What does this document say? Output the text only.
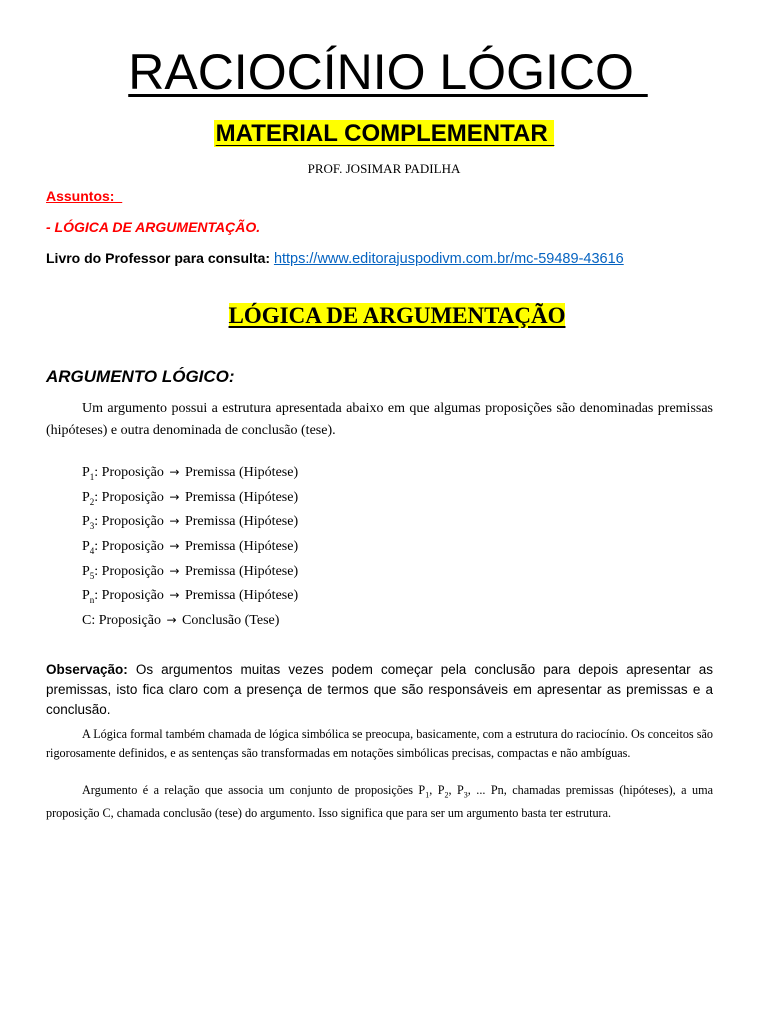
RACIOCÍNIO LÓGICO
MATERIAL COMPLEMENTAR
PROF. JOSIMAR PADILHA
Assuntos:
- LÓGICA DE ARGUMENTAÇÃO.
Livro do Professor para consulta: https://www.editorajuspodivm.com.br/mc-59489-43616
LÓGICA DE ARGUMENTAÇÃO
ARGUMENTO LÓGICO:

Um argumento possui a estrutura apresentada abaixo em que algumas proposições são denominadas premissas (hipóteses) e outra denominada de conclusão (tese).

$P_1$: Proposição → Premissa (Hipótese)
$P_2$: Proposição → Premissa (Hipótese)
$P_3$: Proposição → Premissa (Hipótese)
$P_4$: Proposição → Premissa (Hipótese)
$P_5$: Proposição → Premissa (Hipótese)
$P_n$: Proposição → Premissa (Hipótese)
C: Proposição → Conclusão (Tese)

Observação: Os argumentos muitas vezes podem começar pela conclusão para depois apresentar as premissas, isto fica claro com a presença de termos que são responsáveis em apresentar as premissas e a conclusão.

A Lógica formal também chamada de lógica simbólica se preocupa, basicamente, com a estrutura do raciocínio. Os conceitos são rigorosamente definidos, e as sentenças são transformadas em notações simbólicas precisas, compactas e não ambíguas.

Argumento é a relação que associa um conjunto de proposições $P_1$, $P_2$, $P_3$, ... Pn, chamadas premissas (hipóteses), a uma proposição C, chamada conclusão (tese) do argumento. Isso significa que para ser um argumento basta ter estrutura.
